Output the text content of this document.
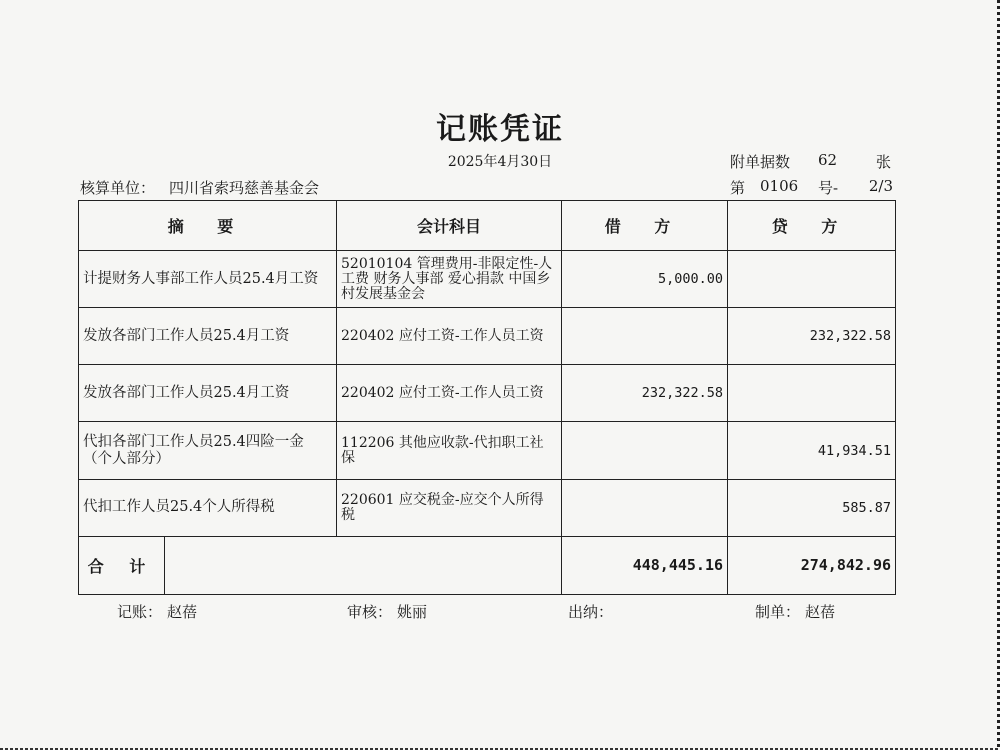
记账凭证
2025年4月30日	附单据数 62	张
核算单位： 四川省索玛慈善基金会	第 0106 号-	2/3
摘 要		会计科目	借 方	贷 方
计提财务人事部工作人员25.4月工资		52010104 管理费用-非限定性-人工费 财务人事部 爱心捐款 中国乡村发展基金会	5,000.00	
发放各部门工作人员25.4月工资		220402 应付工资-工作人员工资		232,322.58
发放各部门工作人员25.4月工资		220402 应付工资-工作人员工资	232,322.58	
代扣各部门工作人员25.4四险一金（个人部分）		112206 其他应收款-代扣职工社保		41,934.51
代扣工作人员25.4个人所得税		220601 应交税金-应交个人所得税		585.87
合 计			448,445.16	274,842.96
记账： 赵蓓	审核： 姚丽	出纳：	制单： 赵蓓
